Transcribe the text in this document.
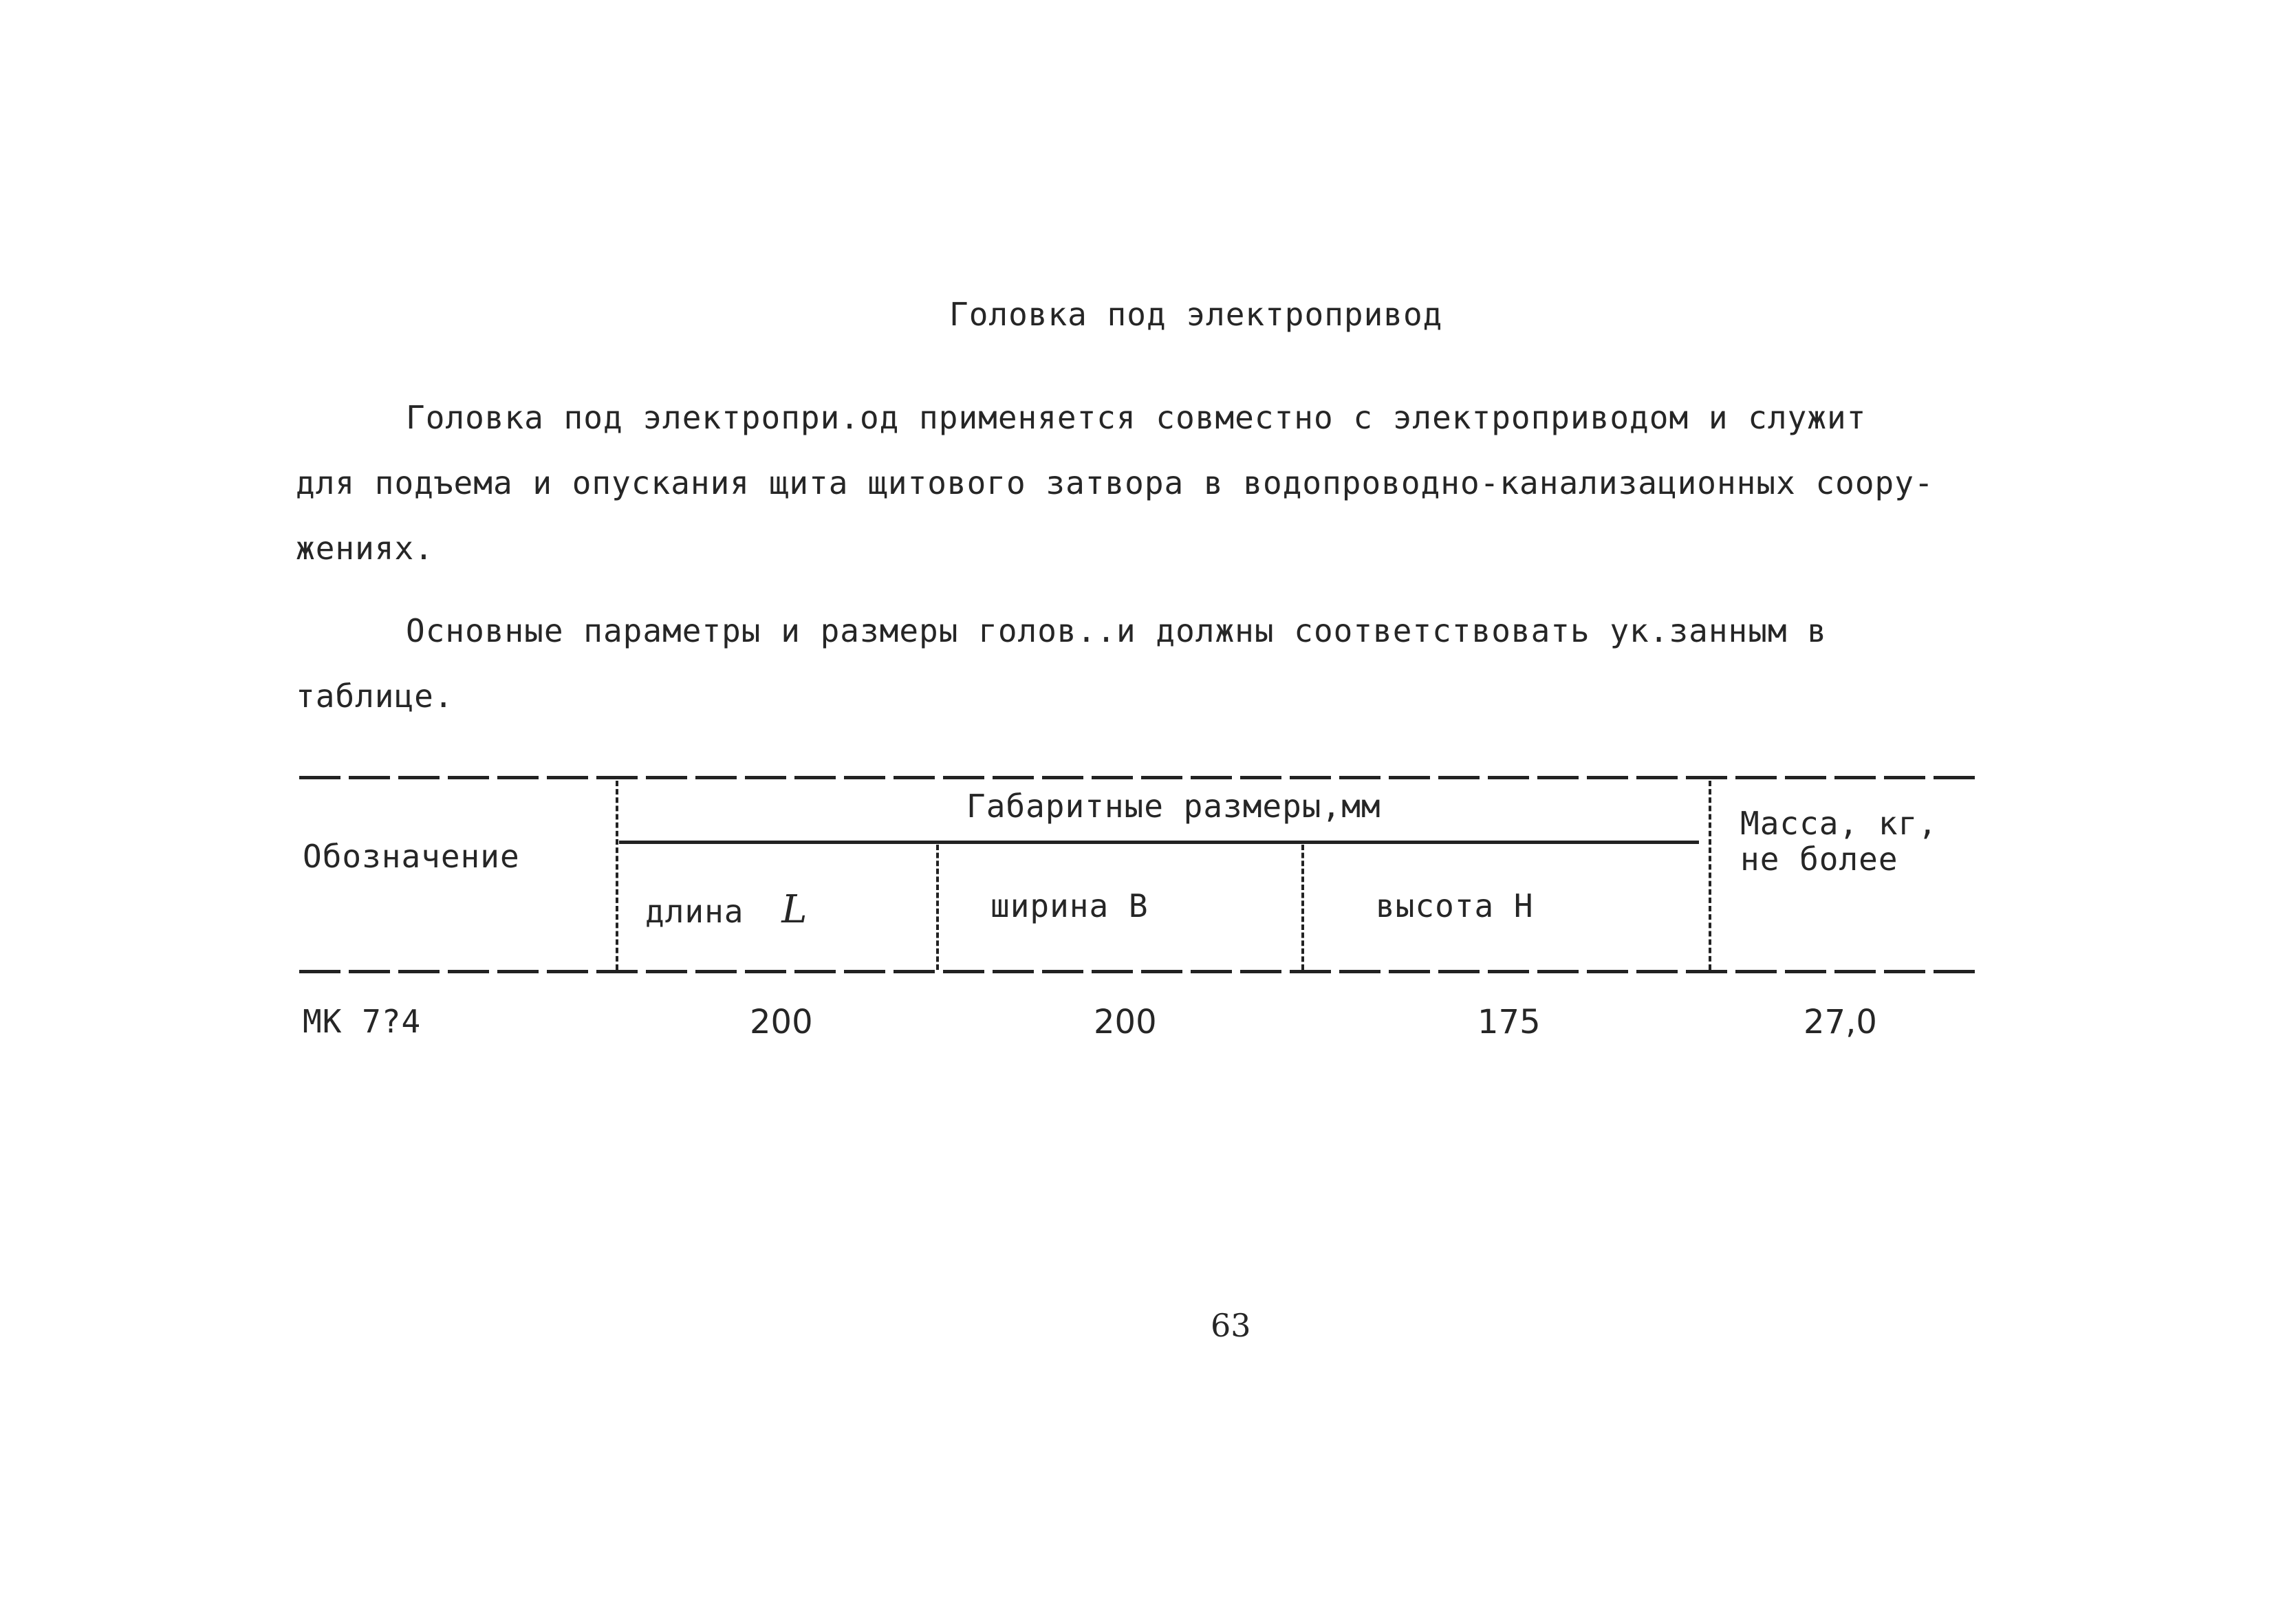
Головка под электропривод
Головка под электропри.од применяется совместно с электроприводом и служит
для подъема и опускания щита щитового затвора в водопроводно-канализационных соору-
жениях.
Основные параметры и размеры голов..и должны соответствовать ук.занным в
таблице.
Обозначение
Габаритные размеры,мм
длина L	ширина В	высота Н
Масса, кг,
не более
МК 7?4	200	200	175	27,0
63
